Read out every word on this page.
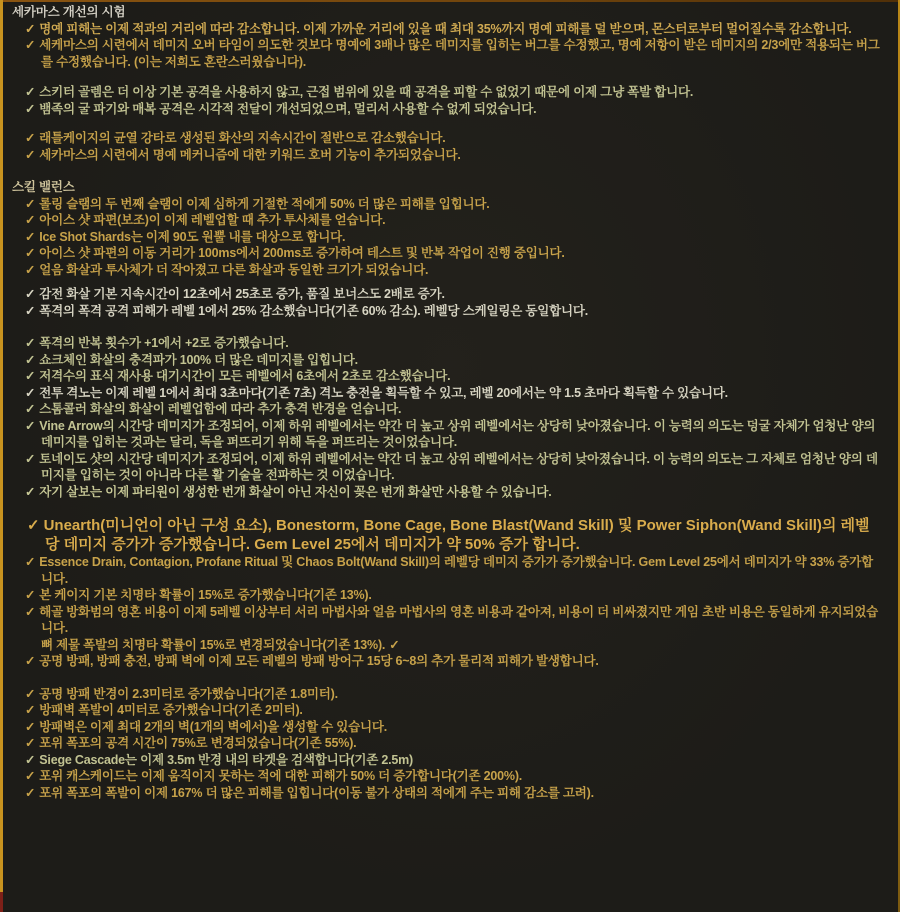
세카마스 개선의 시험
✓ 명예 피해는 이제 적과의 거리에 따라 감소합니다. 이제 가까운 거리에 있을 때 최대 35%까지 명예 피해를 덜 받으며, 몬스터로부터 멀어질수록 감소합니다.
✓ 세케마스의 시련에서 데미지 오버 타임이 의도한 것보다 명예에 3배나 많은 데미지를 입히는 버그를 수정했고, 명예 저항이 받은 데미지의 2/3에만 적용되는 버그를 수정했습니다. (이는 저희도 혼란스러웠습니다).
✓ 스키터 골렘은 더 이상 기본 공격을 사용하지 않고, 근접 범위에 있을 때 공격을 피할 수 없었기 때문에 이제 그냥 폭발 합니다.
✓ 뱀족의 굴 파기와 매복 공격은 시각적 전달이 개선되었으며, 멀리서 사용할 수 없게 되었습니다.
✓ 래틀케이지의 균열 강타로 생성된 화산의 지속시간이 절반으로 감소했습니다.
✓ 세카마스의 시련에서 명예 메커니즘에 대한 키워드 호버 기능이 추가되었습니다.
스킬 밸런스
✓ 롤링 슬램의 두 번째 슬램이 이제 심하게 기절한 적에게 50% 더 많은 피해를 입힙니다.
✓ 아이스 샷 파편(보조)이 이제 레벨업할 때 추가 투사체를 얻습니다.
✓ Ice Shot Shards는 이제 90도 원뿔 내를 대상으로 합니다.
✓ 아이스 샷 파편의 이동 거리가 100ms에서 200ms로 증가하여 테스트 및 반복 작업이 진행 중입니다.
✓ 얼음 화살과 투사체가 더 작아졌고 다른 화살과 동일한 크기가 되었습니다.
✓ 감전 화살 기본 지속시간이 12초에서 25초로 증가, 품질 보너스도 2배로 증가.
✓ 폭격의 폭격 공격 피해가 레벨 1에서 25% 감소했습니다(기존 60% 감소). 레벨당 스케일링은 동일합니다.
✓ 폭격의 반복 횟수가 +1에서 +2로 증가했습니다.
✓ 쇼크체인 화살의 충격파가 100% 더 많은 데미지를 입힙니다.
✓ 저격수의 표식 재사용 대기시간이 모든 레벨에서 6초에서 2초로 감소했습니다.
✓ 전투 격노는 이제 레벨 1에서 최대 3초마다(기존 7초) 격노 충전을 획득할 수 있고, 레벨 20에서는 약 1.5 초마다 획득할 수 있습니다.
✓ 스톰콜러 화살의 화살이 레벨업함에 따라 추가 충격 반경을 얻습니다.
✓ Vine Arrow의 시간당 데미지가 조정되어, 이제 하위 레벨에서는 약간 더 높고 상위 레벨에서는 상당히 낮아졌습니다. 이 능력의 의도는 덩굴 자체가 엄청난 양의 데미지를 입히는 것과는 달리, 독을 퍼뜨리기 위해 독을 퍼뜨리는 것이었습니다.
✓ 토네이도 샷의 시간당 데미지가 조정되어, 이제 하위 레벨에서는 약간 더 높고 상위 레벨에서는 상당히 낮아졌습니다. 이 능력의 의도는 그 자체로 엄청난 양의 데미지를 입히는 것이 아니라 다른 활 기술을 전파하는 것 이었습니다.
✓ 자기 살보는 이제 파티원이 생성한 번개 화살이 아닌 자신이 꽂은 번개 화살만 사용할 수 있습니다.
✓ Unearth(미니언이 아닌 구성 요소), Bonestorm, Bone Cage, Bone Blast(Wand Skill) 및 Power Siphon(Wand Skill)의 레벨당 데미지 증가가 증가했습니다. Gem Level 25에서 데미지가 약 50% 증가 합니다.
✓ Essence Drain, Contagion, Profane Ritual 및 Chaos Bolt(Wand Skill)의 레벨당 데미지 증가가 증가했습니다. Gem Level 25에서 데미지가 약 33% 증가합니다.
✓ 본 케이지 기본 치명타 확률이 15%로 증가했습니다(기존 13%).
✓ 해골 방화범의 영혼 비용이 이제 5레벨 이상부터 서리 마법사와 얼음 마법사의 영혼 비용과 같아져, 비용이 더 비싸졌지만 게임 초반 비용은 동일하게 유지되었습니다.
뼈 제물 폭발의 치명타 확률이 15%로 변경되었습니다(기존 13%). ✓
✓ 공명 방패, 방패 충전, 방패 벽에 이제 모든 레벨의 방패 방어구 15당 6~8의 추가 물리적 피해가 발생합니다.
✓ 공명 방패 반경이 2.3미터로 증가했습니다(기존 1.8미터).
✓ 방패벽 폭발이 4미터로 증가했습니다(기존 2미터).
✓ 방패벽은 이제 최대 2개의 벽(1개의 벽에서)을 생성할 수 있습니다.
✓ 포위 폭포의 공격 시간이 75%로 변경되었습니다(기존 55%).
✓ Siege Cascade는 이제 3.5m 반경 내의 타겟을 검색합니다(기존 2.5m)
✓ 포위 캐스케이드는 이제 움직이지 못하는 적에 대한 피해가 50% 더 증가합니다(기존 200%).
✓ 포위 폭포의 폭발이 이제 167% 더 많은 피해를 입힙니다(이동 불가 상태의 적에게 주는 피해 감소를 고려).
